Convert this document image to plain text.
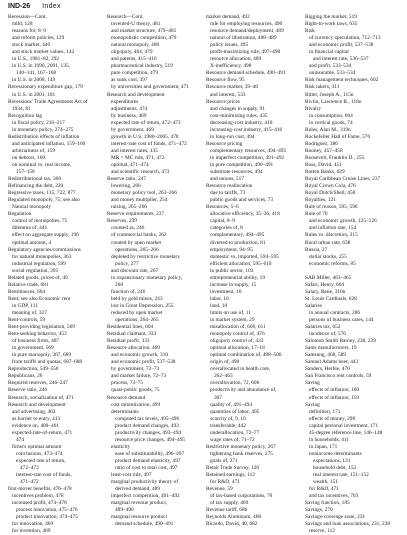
IND-26 Index
Recession—Cont.
mild, 128
reasons for, 8–9
and reform policies, 129
stock market, 440
and stock market values, 142
in U.S., 1981–82, 292
in U.S. in 1990, 2001, 135,
140–141, 167–168
in U.S. in 2008, 149
Recessionary expenditure gap, 179
in U.S. in 2001, 181
Recessions' Trade Agreements Act of
1934, 81
Recognition lag
in fiscal policy, 216–217
in monetary policy, 274–275
Redistribution effects of inflation
and anticipated inflation, 159–160
arbitrariness of, 159
on debtors, 160
on nominal vs. real income,
157–158
Redistributional tax, 366
Refinancing the debt, 220
Regressive taxes, 115, 722, 877
Regulated monopoly, 75; see also
Natural monopoly
Regulation
control of monopolies, 75
dilemma of, 441
effect on aggregate supply, 196
optimal amount, 4
Regulatory agencies/commissions
for natural monopolies, 363
industrial regulation, 599
social regulation, 395
Related goods, prices of, 49
Relative trade, 681
Remittances, 664
Rent; see also Economic rent
in GDP, 111
meaning of, 327
Rent-controls, 59
Rent-providing legislation, 569
Rent-seeking behavior, 453
of business firms, 487
in government, 569
in pure monopoly, 367, 689
from tariffs and quotas, 687–688
Reproduction, 549–550
Republicans, 26
Required reserves, 246–247
Reserve ratio, 246
Research, socialization of, 471
Research and development
and advertising, 463
as barrier to entry, 413
evidence on, 400–401
expected-rate-of-return, 471
474
firms's optimal amount
conclusions, 473–474
expected rate of return,
472–473
interest-rate cost of funds,
471–472
first-mover benefits, 476–478
incentives problem, 478
increased profit, 474–476
process innovation, 475–476
product innovation, 474–475
for innovation, 469
for invention, 469
Research—Cont.
invented-U theory, 481
and market structure, 479–481
monopolistic competition, 479
natural monopoly, 480
oligopoly, 464, 479
and patents, 415–416
pharmaceutical industry, 519
pure competition, 479
as sunk cost, 397
by universities and government, 471
Research and development
expenditures
adjustments, 474
by business, 469
expected rate of return, 472–473
by government, 469
growth in U.S. 1980–2005, 478
interest-rate cost of funds, 471–472
and interest rates, 135
MR = MC rule, 471, 472
optimal, 471–474
and scientific research, 473
Reserve ratio, 247
lowering, 266
monetary policy tool, 263–266
and money multiplier, 254
raising, 265–266
Reserve requirements, 237
Reserves, 239
counted as, 246
of commercial banks, 262
created by open market
operations, 265–266
depleted by restrictive monetary
policy, 277
and discount rate, 267
in expansionary monetary policy,
268
function of, 246
held by gold mines, 243
lost in Great Depression, 255
reduced by open market
operations, 264–265
Residential lines, 604
Residual claimant, 333
Residual profit, 333
Resource allocation, 469
and economic growth, 310
and economic profit, 537–538
by government, 72–73
and market failure, 72–73
process, 73–75
quasi-public goods, 75
Resource demand
cost minimization, 499
determinants
computed tax levels, 495–496
product demand changes, 493
productivity changes, 493–494
resource price changes, 494–495
elasticity
ease of substitutability, 496–497
product demand elasticity, 497
ratio of cost to total cost, 497
least-cost rule, 497
marginal productivity theory of
derived demand, 489
imperfect competition, 491–492
marginal revenue product,
489–490
marginal resource product
demand schedule, 490–491
market demand, 492
rule for employing resources, 490
resource demand/deployment, 489
natural of illustration, 488–489
policy issues, 495
profit-maximizing rule, 497–498
resource allocation, 489
X-inefficiency, 498
Resource demand schedule, 490–491
Resource flow, 95
Resource market, 39–40
and interest, 533
Resource prices
and changes in supply, 91
cost-minimizing rules, 435
decreasing-cost industry, 416
increasing-cost industry, 415–416
in long-run cost, 494
Resource pricing
complementary resources, 494–495
in imperfect competition, 491–492
in pure competition, 490–491
substitute resources, 494
and unions, 517
Resource reallocation
due to tariffs, 73
public goods and services, 73
Resources, 5–6
allocative efficiency, 35–36, 418
capital, 8–9
categories of, 8
complementary, 494–495
diverted to production, 81
employment, 94–95
domestic vs. imported, 594–595
efficient allocation, 595–610
in public sector, 103
entrepreneurial ability, 19
increase in supply, 15
investment, 10
labor, 10
land, 10
limits on use of, 11
in market system, 29
misallocation of, 606, 611
monopoly control of, 476
oligopoly control of, 433
optimal allocation, 17–18
optimal combination of, 498–500
origin of, 490
overallocated in health care,
262–463
overallocation, 72, 606
productivity and abundance of,
307
quality of, 491–494
quantities of labor, 495
scarcity of, 9, 10
transferable, 442
underallocation, 72–77
wage rates of, 71–72
Restrictive monetary policy, 267
tightening bank reserves, 275
goals of, 271
Retail Trade Survey, 120
Retained earnings, 112
for R&D, 471
Revenue, 59
of tax-based corporations, 70
of tax supply, 469
Revenue tariff, 686
Reynolds Aluminum, 468
Ricardo, David, 40, 682
Rigging the market, 519
Right-to-work laws, 635
Risk
of currency speculation, 712–713
and economic profit, 537–538
in financial capital
and interest rate, 536–537
and profit, 533–534
uninsurable, 533–534
Risk management techniques, 602
Risk takers, 311
Ritter, Joseph A., 115n
Rivlin, Lawrence B., 118n
Rivalry
in consumption, 604
in vertical goods, 74
Roles, Alan M., 319n
Rockefeller Hall of Fame, 570
Rodriguez, 386
Rooney, 457–458
Roosevelt, Franklin D., 255
Ross, David, 451
Rotten Banks, 629
Royal Caribbean Cruise Lines, 237
Royal Crown Cola, 476
Royal Dutch/Shell, 458
Royalties, 121
Rule of reason, 595, 596
Rule of 70
and economic growth, 125–126
and inflation rate, 154
Rules vs. discretion, 315
Rural urban rate, 638
Russia, 27
dollar stocks, 255
economic reforms, 85

SAB Miller, 463–465
Safari, Henry, 604
Salary, Rene, 310n
St. Louis Cardinals, 628
Salaries
in annual contracts, 286
persons of business cares, 144
Salaries tax, 652
incidence of, 576
Salomon Smith Barney, 238, 239
Sams manufacturers, 19
Samsung, 468, 589
Samuel Adams beer, 443
Sanders, Herbie, 470
San Francisco rent controls, 59
Saving
effects of inflation, 160
effects of inflation, 159
Saving
definition, 171
effects of money, 298
capital personal investment, 171
45-degree reference line, 146–148
in households, 411
in Japan, 171
nonincome determinants
expectations, 131
household debt, 152
real interest rate, 151–152
wealth, 151
for R&D, 471
and tax incentives, 703
Saving function, 185
Savings, 270
Savings-coverage zone, 231
Savings and loan associations, 231, 238
reserve, 112
